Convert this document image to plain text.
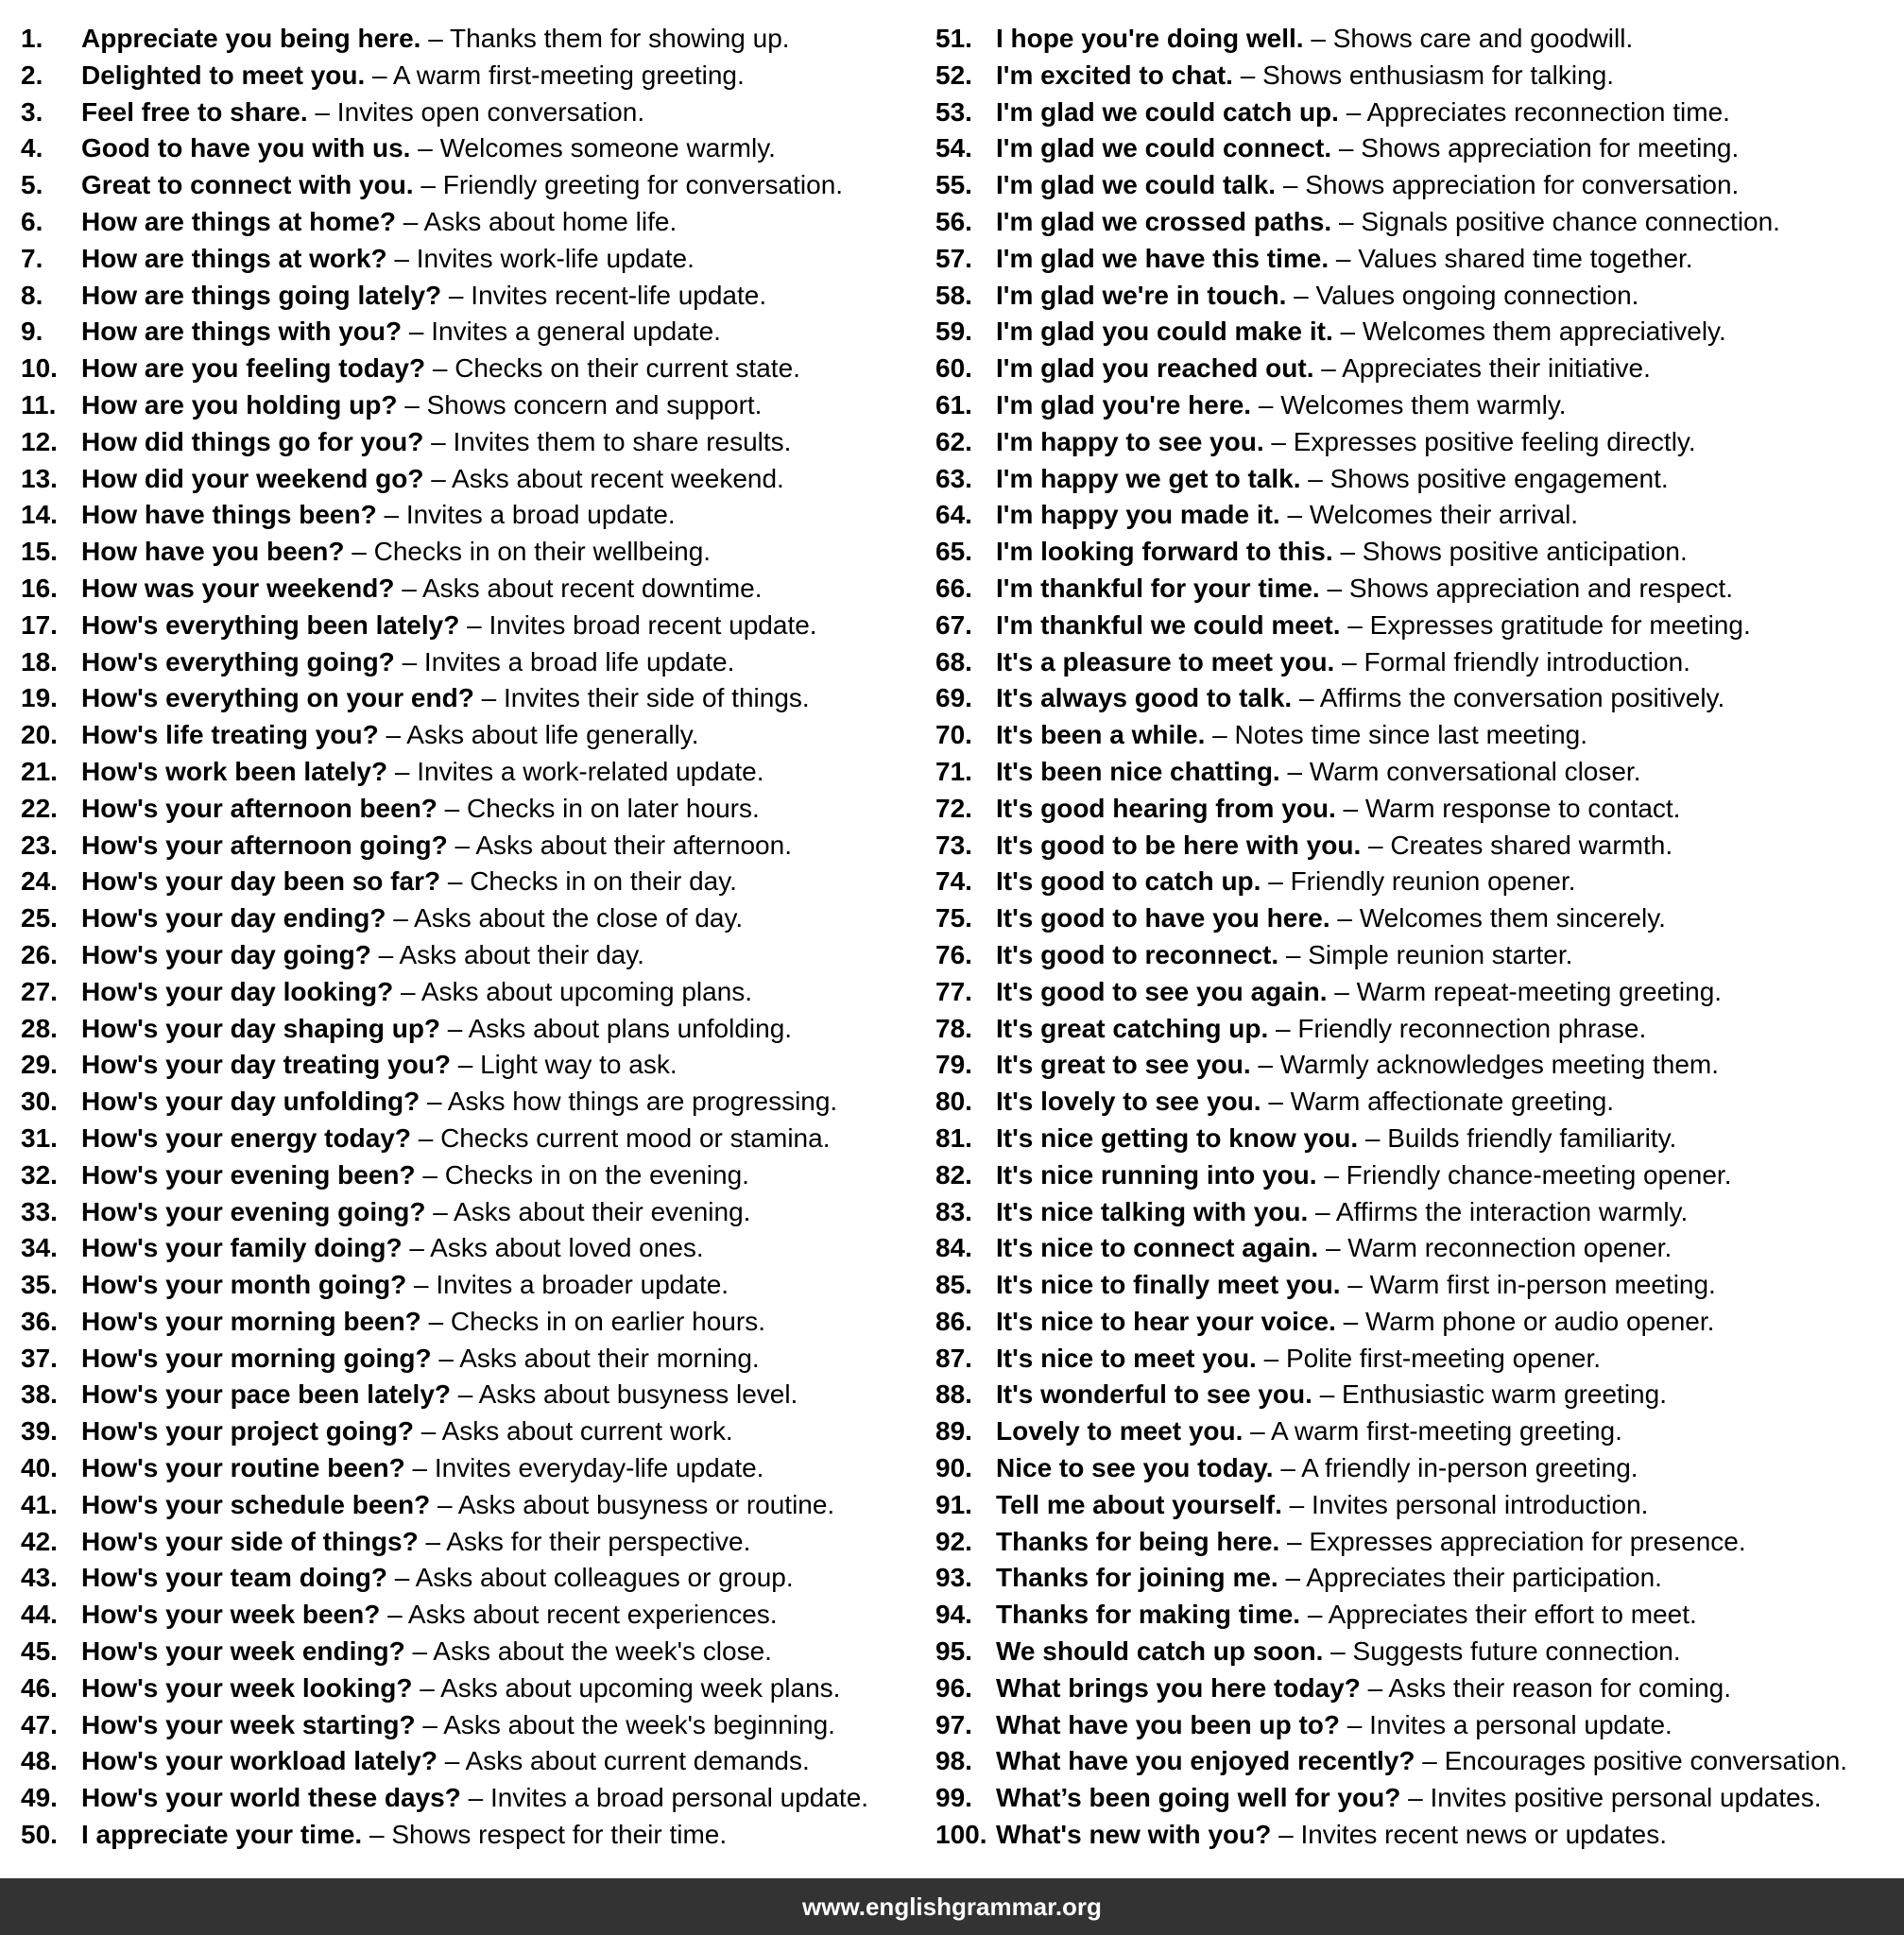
1. Appreciate you being here. – Thanks them for showing up.
2. Delighted to meet you. – A warm first-meeting greeting.
3. Feel free to share. – Invites open conversation.
4. Good to have you with us. – Welcomes someone warmly.
5. Great to connect with you. – Friendly greeting for conversation.
6. How are things at home? – Asks about home life.
7. How are things at work? – Invites work-life update.
8. How are things going lately? – Invites recent-life update.
9. How are things with you? – Invites a general update.
10. How are you feeling today? – Checks on their current state.
11. How are you holding up? – Shows concern and support.
12. How did things go for you? – Invites them to share results.
13. How did your weekend go? – Asks about recent weekend.
14. How have things been? – Invites a broad update.
15. How have you been? – Checks in on their wellbeing.
16. How was your weekend? – Asks about recent downtime.
17. How's everything been lately? – Invites broad recent update.
18. How's everything going? – Invites a broad life update.
19. How's everything on your end? – Invites their side of things.
20. How's life treating you? – Asks about life generally.
21. How's work been lately? – Invites a work-related update.
22. How's your afternoon been? – Checks in on later hours.
23. How's your afternoon going? – Asks about their afternoon.
24. How's your day been so far? – Checks in on their day.
25. How's your day ending? – Asks about the close of day.
26. How's your day going? – Asks about their day.
27. How's your day looking? – Asks about upcoming plans.
28. How's your day shaping up? – Asks about plans unfolding.
29. How's your day treating you? – Light way to ask.
30. How's your day unfolding? – Asks how things are progressing.
31. How's your energy today? – Checks current mood or stamina.
32. How's your evening been? – Checks in on the evening.
33. How's your evening going? – Asks about their evening.
34. How's your family doing? – Asks about loved ones.
35. How's your month going? – Invites a broader update.
36. How's your morning been? – Checks in on earlier hours.
37. How's your morning going? – Asks about their morning.
38. How's your pace been lately? – Asks about busyness level.
39. How's your project going? – Asks about current work.
40. How's your routine been? – Invites everyday-life update.
41. How's your schedule been? – Asks about busyness or routine.
42. How's your side of things? – Asks for their perspective.
43. How's your team doing? – Asks about colleagues or group.
44. How's your week been? – Asks about recent experiences.
45. How's your week ending? – Asks about the week's close.
46. How's your week looking? – Asks about upcoming week plans.
47. How's your week starting? – Asks about the week's beginning.
48. How's your workload lately? – Asks about current demands.
49. How's your world these days? – Invites a broad personal update.
50. I appreciate your time. – Shows respect for their time.
51. I hope you're doing well. – Shows care and goodwill.
52. I'm excited to chat. – Shows enthusiasm for talking.
53. I'm glad we could catch up. – Appreciates reconnection time.
54. I'm glad we could connect. – Shows appreciation for meeting.
55. I'm glad we could talk. – Shows appreciation for conversation.
56. I'm glad we crossed paths. – Signals positive chance connection.
57. I'm glad we have this time. – Values shared time together.
58. I'm glad we're in touch. – Values ongoing connection.
59. I'm glad you could make it. – Welcomes them appreciatively.
60. I'm glad you reached out. – Appreciates their initiative.
61. I'm glad you're here. – Welcomes them warmly.
62. I'm happy to see you. – Expresses positive feeling directly.
63. I'm happy we get to talk. – Shows positive engagement.
64. I'm happy you made it. – Welcomes their arrival.
65. I'm looking forward to this. – Shows positive anticipation.
66. I'm thankful for your time. – Shows appreciation and respect.
67. I'm thankful we could meet. – Expresses gratitude for meeting.
68. It's a pleasure to meet you. – Formal friendly introduction.
69. It's always good to talk. – Affirms the conversation positively.
70. It's been a while. – Notes time since last meeting.
71. It's been nice chatting. – Warm conversational closer.
72. It's good hearing from you. – Warm response to contact.
73. It's good to be here with you. – Creates shared warmth.
74. It's good to catch up. – Friendly reunion opener.
75. It's good to have you here. – Welcomes them sincerely.
76. It's good to reconnect. – Simple reunion starter.
77. It's good to see you again. – Warm repeat-meeting greeting.
78. It's great catching up. – Friendly reconnection phrase.
79. It's great to see you. – Warmly acknowledges meeting them.
80. It's lovely to see you. – Warm affectionate greeting.
81. It's nice getting to know you. – Builds friendly familiarity.
82. It's nice running into you. – Friendly chance-meeting opener.
83. It's nice talking with you. – Affirms the interaction warmly.
84. It's nice to connect again. – Warm reconnection opener.
85. It's nice to finally meet you. – Warm first in-person meeting.
86. It's nice to hear your voice. – Warm phone or audio opener.
87. It's nice to meet you. – Polite first-meeting opener.
88. It's wonderful to see you. – Enthusiastic warm greeting.
89. Lovely to meet you. – A warm first-meeting greeting.
90. Nice to see you today. – A friendly in-person greeting.
91. Tell me about yourself. – Invites personal introduction.
92. Thanks for being here. – Expresses appreciation for presence.
93. Thanks for joining me. – Appreciates their participation.
94. Thanks for making time. – Appreciates their effort to meet.
95. We should catch up soon. – Suggests future connection.
96. What brings you here today? – Asks their reason for coming.
97. What have you been up to? – Invites a personal update.
98. What have you enjoyed recently? – Encourages positive conversation.
99. What’s been going well for you? – Invites positive personal updates.
100. What's new with you? – Invites recent news or updates.
www.englishgrammar.org
